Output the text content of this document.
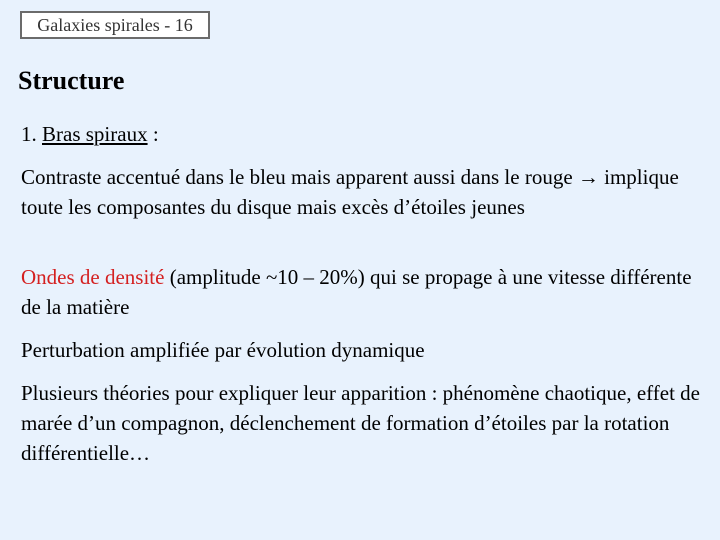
Galaxies spirales - 16
Structure

1. Bras spiraux :

Contraste accentué dans le bleu mais apparent aussi dans le rouge → implique toute les composantes du disque mais excès d’étoiles jeunes

Ondes de densité (amplitude ~10 – 20%) qui se propage à une vitesse différente de la matière

Perturbation amplifiée par évolution dynamique

Plusieurs théories pour expliquer leur apparition : phénomène chaotique, effet de marée d’un compagnon, déclenchement de formation d’étoiles par la rotation différentielle…
